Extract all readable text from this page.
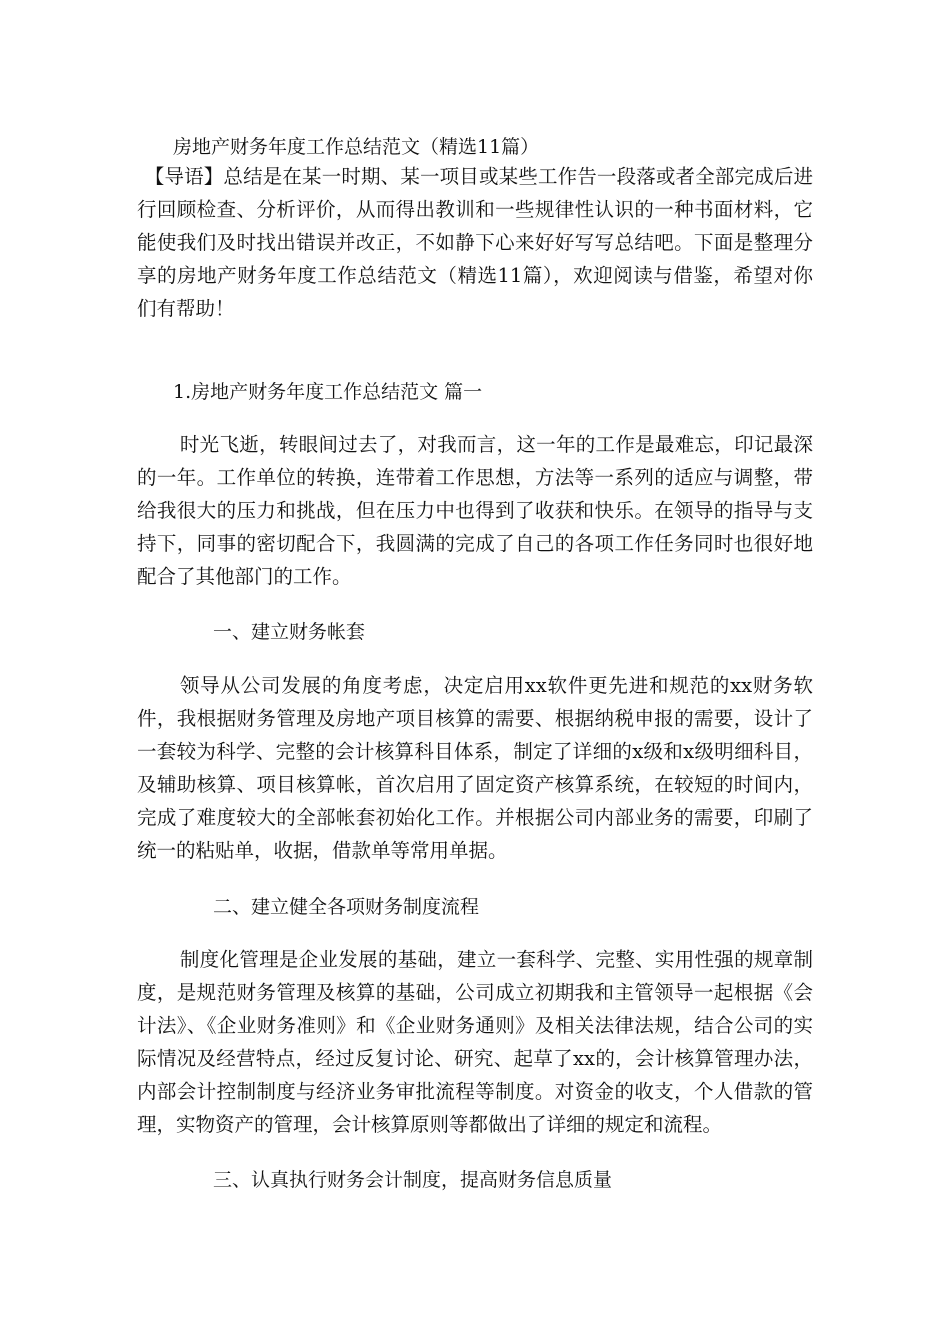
房地产财务年度工作总结范文（精选11篇）

【导语】总结是在某一时期、某一项目或某些工作告一段落或者全部完成后进行回顾检查、分析评价，从而得出教训和一些规律性认识的一种书面材料，它能使我们及时找出错误并改正，不如静下心来好好写写总结吧。下面是整理分享的房地产财务年度工作总结范文（精选11篇），欢迎阅读与借鉴，希望对你们有帮助！

1.房地产财务年度工作总结范文 篇一

时光飞逝，转眼间过去了，对我而言，这一年的工作是最难忘，印记最深的一年。工作单位的转换，连带着工作思想，方法等一系列的适应与调整，带给我很大的压力和挑战，但在压力中也得到了收获和快乐。在领导的指导与支持下，同事的密切配合下，我圆满的完成了自己的各项工作任务同时也很好地配合了其他部门的工作。

一、建立财务帐套

领导从公司发展的角度考虑，决定启用xx软件更先进和规范的xx财务软件，我根据财务管理及房地产项目核算的需要、根据纳税申报的需要，设计了一套较为科学、完整的会计核算科目体系，制定了详细的x级和x级明细科目，及辅助核算、项目核算帐，首次启用了固定资产核算系统，在较短的时间内，完成了难度较大的全部帐套初始化工作。并根据公司内部业务的需要，印刷了统一的粘贴单，收据，借款单等常用单据。

二、建立健全各项财务制度流程

制度化管理是企业发展的基础，建立一套科学、完整、实用性强的规章制度，是规范财务管理及核算的基础，公司成立初期我和主管领导一起根据《会计法》、《企业财务准则》和《企业财务通则》及相关法律法规，结合公司的实际情况及经营特点，经过反复讨论、研究、起草了xx的，会计核算管理办法，内部会计控制制度与经济业务审批流程等制度。对资金的收支，个人借款的管理，实物资产的管理，会计核算原则等都做出了详细的规定和流程。

三、认真执行财务会计制度，提高财务信息质量
